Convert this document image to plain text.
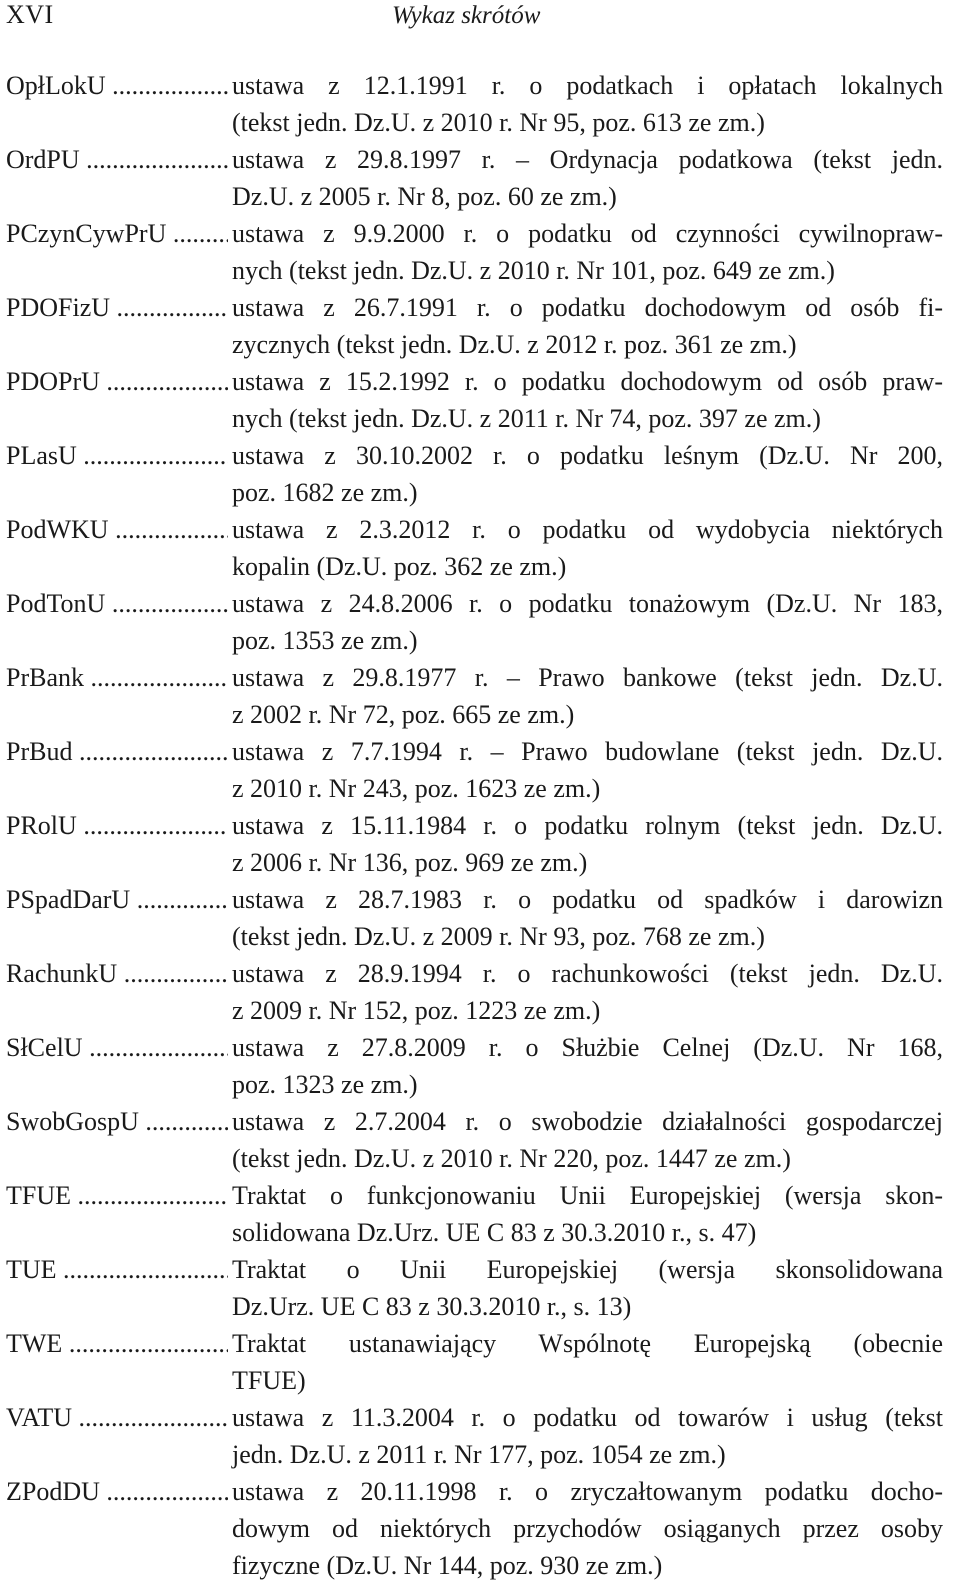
XVI	Wykaz skrótów
OpłLokU .....	ustawa z 12.1.1991 r. o podatkach i opłatach lokalnych
(tekst jedn. Dz.U. z 2010 r. Nr 95, poz. 613 ze zm.)
OrdPU .....	ustawa z 29.8.1997 r. – Ordynacja podatkowa (tekst jedn.
Dz.U. z 2005 r. Nr 8, poz. 60 ze zm.)
PCzynCywPrU .....	ustawa z 9.9.2000 r. o podatku od czynności cywilnopraw-
nych (tekst jedn. Dz.U. z 2010 r. Nr 101, poz. 649 ze zm.)
PDOFizU .....	ustawa z 26.7.1991 r. o podatku dochodowym od osób fi-
zycznych (tekst jedn. Dz.U. z 2012 r. poz. 361 ze zm.)
PDOPrU .....	ustawa z 15.2.1992 r. o podatku dochodowym od osób praw-
nych (tekst jedn. Dz.U. z 2011 r. Nr 74, poz. 397 ze zm.)
PLasU .....	ustawa z 30.10.2002 r. o podatku leśnym (Dz.U. Nr 200,
poz. 1682 ze zm.)
PodWKU .....	ustawa z 2.3.2012 r. o podatku od wydobycia niektórych
kopalin (Dz.U. poz. 362 ze zm.)
PodTonU .....	ustawa z 24.8.2006 r. o podatku tonażowym (Dz.U. Nr 183,
poz. 1353 ze zm.)
PrBank .....	ustawa z 29.8.1977 r. – Prawo bankowe (tekst jedn. Dz.U.
z 2002 r. Nr 72, poz. 665 ze zm.)
PrBud .....	ustawa z 7.7.1994 r. – Prawo budowlane (tekst jedn. Dz.U.
z 2010 r. Nr 243, poz. 1623 ze zm.)
PRolU .....	ustawa z 15.11.1984 r. o podatku rolnym (tekst jedn. Dz.U.
z 2006 r. Nr 136, poz. 969 ze zm.)
PSpadDarU .....	ustawa z 28.7.1983 r. o podatku od spadków i darowizn
(tekst jedn. Dz.U. z 2009 r. Nr 93, poz. 768 ze zm.)
RachunkU .....	ustawa z 28.9.1994 r. o rachunkowości (tekst jedn. Dz.U.
z 2009 r. Nr 152, poz. 1223 ze zm.)
SłCelU .....	ustawa z 27.8.2009 r. o Służbie Celnej (Dz.U. Nr 168,
poz. 1323 ze zm.)
SwobGospU .....	ustawa z 2.7.2004 r. o swobodzie działalności gospodarczej
(tekst jedn. Dz.U. z 2010 r. Nr 220, poz. 1447 ze zm.)
TFUE .....	Traktat o funkcjonowaniu Unii Europejskiej (wersja skon-
solidowana Dz.Urz. UE C 83 z 30.3.2010 r., s. 47)
TUE .....	Traktat o Unii Europejskiej (wersja skonsolidowana
Dz.Urz. UE C 83 z 30.3.2010 r., s. 13)
TWE .....	Traktat ustanawiający Wspólnotę Europejską (obecnie
TFUE)
VATU .....	ustawa z 11.3.2004 r. o podatku od towarów i usług (tekst
jedn. Dz.U. z 2011 r. Nr 177, poz. 1054 ze zm.)
ZPodDU .....	ustawa z 20.11.1998 r. o zryczałtowanym podatku docho-
dowym od niektórych przychodów osiąganych przez osoby
fizyczne (Dz.U. Nr 144, poz. 930 ze zm.)
